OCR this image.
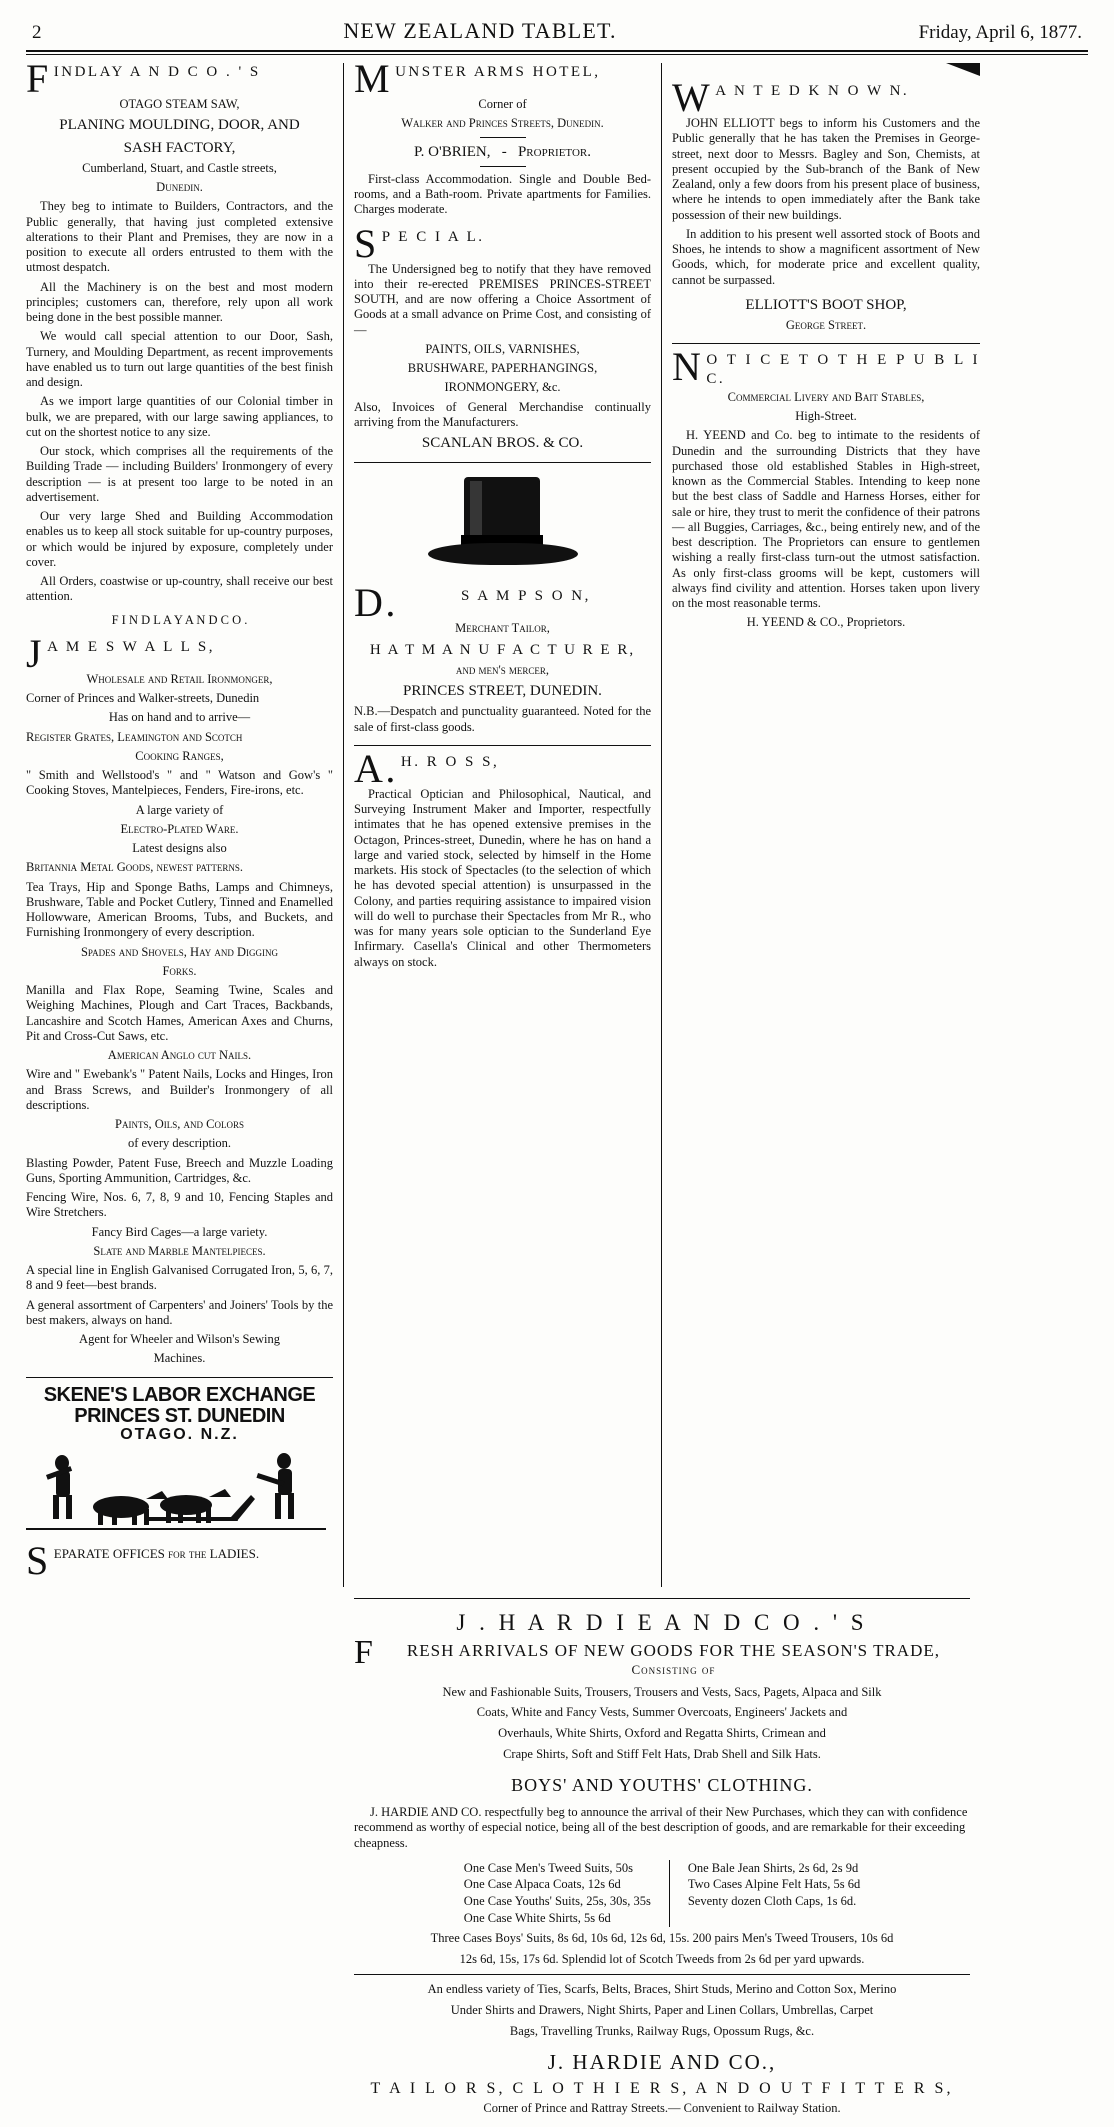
2	NEW ZEALAND TABLET.	Friday, April 6, 1877.
F INDLAY A N D C O . ' S

OTAGO STEAM SAW,

PLANING MOULDING, DOOR, AND

SASH FACTORY,

Cumberland, Stuart, and Castle streets,

Dunedin.

They beg to intimate to Builders, Contractors, and the Public generally, that having just completed extensive alterations to their Plant and Premises, they are now in a position to execute all orders entrusted to them with the utmost despatch.

All the Machinery is on the best and most modern principles; customers can, therefore, rely upon all work being done in the best possible manner.

We would call special attention to our Door, Sash, Turnery, and Moulding Department, as recent improvements have enabled us to turn out large quantities of the best finish and design.

As we import large quantities of our Colonial timber in bulk, we are prepared, with our large sawing appliances, to cut on the shortest notice to any size.

Our stock, which comprises all the requirements of the Building Trade — including Builders' Ironmongery of every description — is at present too large to be noted in an advertisement.

Our very large Shed and Building Accommodation enables us to keep all stock suitable for up-country purposes, or which would be injured by exposure, completely under cover.

All Orders, coastwise or up-country, shall receive our best attention.

F I N D L A Y A N D C O .

J A M E S W A L L S,

Wholesale and Retail Ironmonger,

Corner of Princes and Walker-streets, Dunedin

Has on hand and to arrive—

Register Grates, Leamington and Scotch

Cooking Ranges,

" Smith and Wellstood's " and " Watson and Gow's " Cooking Stoves, Mantelpieces, Fenders, Fire-irons, etc.

A large variety of

Electro-Plated Ware.

Latest designs also

Britannia Metal Goods, newest patterns.

Tea Trays, Hip and Sponge Baths, Lamps and Chimneys, Brushware, Table and Pocket Cutlery, Tinned and Enamelled Hollowware, American Brooms, Tubs, and Buckets, and Furnishing Ironmongery of every description.

Spades and Shovels, Hay and Digging

Forks.

Manilla and Flax Rope, Seaming Twine, Scales and Weighing Machines, Plough and Cart Traces, Backbands, Lancashire and Scotch Hames, American Axes and Churns, Pit and Cross-Cut Saws, etc.

American Anglo cut Nails.

Wire and " Ewebank's " Patent Nails, Locks and Hinges, Iron and Brass Screws, and Builder's Ironmongery of all descriptions.

Paints, Oils, and Colors

of every description.

Blasting Powder, Patent Fuse, Breech and Muzzle Loading Guns, Sporting Ammunition, Cartridges, &c.

Fencing Wire, Nos. 6, 7, 8, 9 and 10, Fencing Staples and Wire Stretchers.

Fancy Bird Cages—a large variety.

Slate and Marble Mantelpieces.

A special line in English Galvanised Corrugated Iron, 5, 6, 7, 8 and 9 feet—best brands.

A general assortment of Carpenters' and Joiners' Tools by the best makers, always on hand.

Agent for Wheeler and Wilson's Sewing

Machines.

SKENE'S LABOR EXCHANGE
PRINCES ST. DUNEDIN
OTAGO. N.Z.
S EPARATE OFFICES for the LADIES.
M UNSTER ARMS HOTEL,

Corner of

Walker and Princes Streets, Dunedin.

P. O'BRIEN, - Proprietor.

First-class Accommodation. Single and Double Bed-rooms, and a Bath-room. Private apartments for Families. Charges moderate.

S P E C I A L.

The Undersigned beg to notify that they have removed into their re-erected PREMISES PRINCES-STREET SOUTH, and are now offering a Choice Assortment of Goods at a small advance on Prime Cost, and consisting of—

PAINTS, OILS, VARNISHES,

BRUSHWARE, PAPERHANGINGS,

IRONMONGERY, &c.

Also, Invoices of General Merchandise continually arriving from the Manufacturers.

SCANLAN BROS. & CO.

D.	S A M P S O N,

Merchant Tailor,

H A T M A N U F A C T U R E R,

and men's mercer,

PRINCES STREET, DUNEDIN.

N.B.—Despatch and punctuality guaranteed. Noted for the sale of first-class goods.

A. H. R O S S,

Practical Optician and Philosophical, Nautical, and Surveying Instrument Maker and Importer, respectfully intimates that he has opened extensive premises in the Octagon, Princes-street, Dunedin, where he has on hand a large and varied stock, selected by himself in the Home markets. His stock of Spectacles (to the selection of which he has devoted special attention) is unsurpassed in the Colony, and parties requiring assistance to impaired vision will do well to purchase their Spectacles from Mr R., who was for many years sole optician to the Sunderland Eye Infirmary. Casella's Clinical and other Thermometers always on stock.

W A N T E D K N O W N.

JOHN ELLIOTT begs to inform his Customers and the Public generally that he has taken the Premises in George-street, next door to Messrs. Bagley and Son, Chemists, at present occupied by the Sub-branch of the Bank of New Zealand, only a few doors from his present place of business, where he intends to open immediately after the Bank take possession of their new buildings.

In addition to his present well assorted stock of Boots and Shoes, he intends to show a magnificent assortment of New Goods, which, for moderate price and excellent quality, cannot be surpassed.

ELLIOTT'S BOOT SHOP,

George Street.

N O T I C E T O T H E P U B L I C.

Commercial Livery and Bait Stables,

High-Street.

H. YEEND and Co. beg to intimate to the residents of Dunedin and the surrounding Districts that they have purchased those old established Stables in High-street, known as the Commercial Stables. Intending to keep none but the best class of Saddle and Harness Horses, either for sale or hire, they trust to merit the confidence of their patrons — all Buggies, Carriages, &c., being entirely new, and of the best description. The Proprietors can ensure to gentlemen wishing a really first-class turn-out the utmost satisfaction. As only first-class grooms will be kept, customers will always find civility and attention. Horses taken upon livery on the most reasonable terms.

H. YEEND & CO., Proprietors.

J . H A R D I E A N D C O . ' S
F RESH ARRIVALS OF NEW GOODS FOR THE SEASON'S TRADE,
Consisting of

New and Fashionable Suits, Trousers, Trousers and Vests, Sacs, Pagets, Alpaca and Silk

Coats, White and Fancy Vests, Summer Overcoats, Engineers' Jackets and

Overhauls, White Shirts, Oxford and Regatta Shirts, Crimean and

Crape Shirts, Soft and Stiff Felt Hats, Drab Shell and Silk Hats.

BOYS' AND YOUTHS' CLOTHING.

J. HARDIE AND CO. respectfully beg to announce the arrival of their New Purchases, which they can with confidence recommend as worthy of especial notice, being all of the best description of goods, and are remarkable for their exceeding cheapness.

One Case Men's Tweed Suits, 50s
One Case Alpaca Coats, 12s 6d
One Case Youths' Suits, 25s, 30s, 35s
One Case White Shirts, 5s 6d
One Bale Jean Shirts, 2s 6d, 2s 9d
Two Cases Alpine Felt Hats, 5s 6d
Seventy dozen Cloth Caps, 1s 6d.

Three Cases Boys' Suits, 8s 6d, 10s 6d, 12s 6d, 15s. 200 pairs Men's Tweed Trousers, 10s 6d

12s 6d, 15s, 17s 6d. Splendid lot of Scotch Tweeds from 2s 6d per yard upwards.

An endless variety of Ties, Scarfs, Belts, Braces, Shirt Studs, Merino and Cotton Sox, Merino

Under Shirts and Drawers, Night Shirts, Paper and Linen Collars, Umbrellas, Carpet

Bags, Travelling Trunks, Railway Rugs, Opossum Rugs, &c.

J. HARDIE AND CO.,
T A I L O R S, C L O T H I E R S, A N D O U T F I T T E R S,
Corner of Prince and Rattray Streets.— Convenient to Railway Station.
